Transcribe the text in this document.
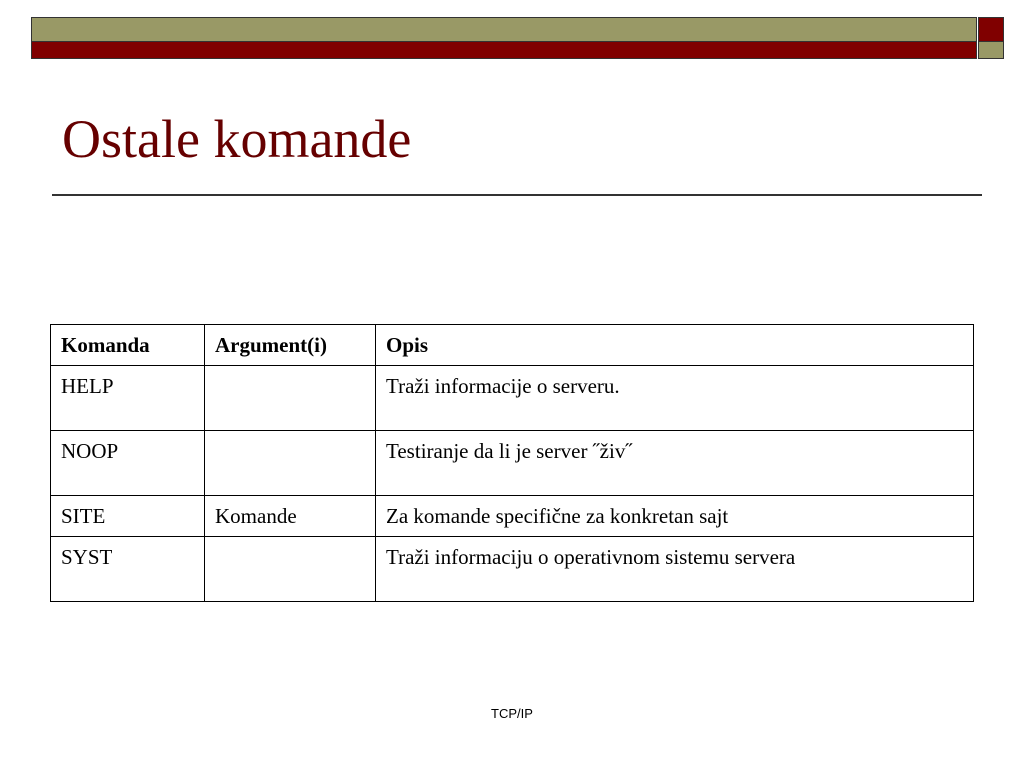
Ostale komande
Komanda	Argument(i)	Opis
HELP		Traži informacije o serveru.
NOOP		Testiranje da li je server ˝živ˝
SITE	Komande	Za komande specifične za konkretan sajt
SYST		Traži informaciju o operativnom sistemu servera
TCP/IP
